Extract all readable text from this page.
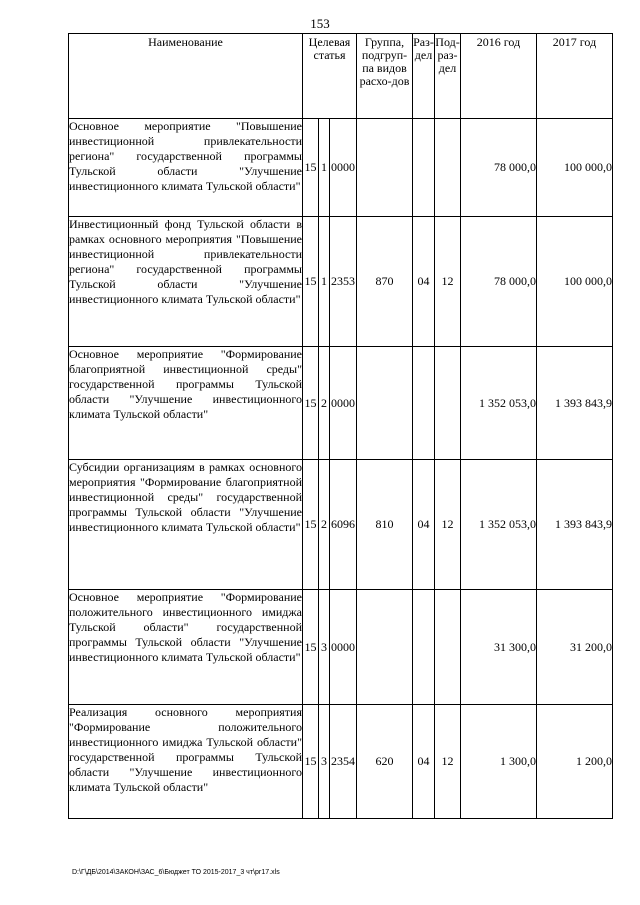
153
Наименование	Целевая статья			Группа, подгруп-па видов расхо-дов	Раз-дел	Под-раз-дел	2016 год	2017 год
Основное мероприятие "Повышение инвестиционной привлекательности региона" государственной программы Тульской области "Улучшение инвестиционного климата Тульской области"	15	1	0000				78 000,0	100 000,0
Инвестиционный фонд Тульской области в рамках основного мероприятия "Повышение инвестиционной привлекательности региона" государственной программы Тульской области "Улучшение инвестиционного климата Тульской области"	15	1	2353	870	04	12	78 000,0	100 000,0
Основное мероприятие "Формирование благоприятной инвестиционной среды" государственной программы Тульской области "Улучшение инвестиционного климата Тульской области"	15	2	0000				1 352 053,0	1 393 843,9
Субсидии организациям в рамках основного мероприятия "Формирование благоприятной инвестиционной среды" государственной программы Тульской области "Улучшение инвестиционного климата Тульской области"	15	2	6096	810	04	12	1 352 053,0	1 393 843,9
Основное мероприятие "Формирование положительного инвестиционного имиджа Тульской области" государственной программы Тульской области "Улучшение инвестиционного климата Тульской области"	15	3	0000				31 300,0	31 200,0
Реализация основного мероприятия "Формирование положительного инвестиционного имиджа Тульской области" государственной программы Тульской области "Улучшение инвестиционного климата Тульской области"	15	3	2354	620	04	12	1 300,0	1 200,0
D:\Г\ДБ\2014\ЗАКОН\ЗАС_6\Бюджет ТО 2015-2017_3 чт\рг17.xls
